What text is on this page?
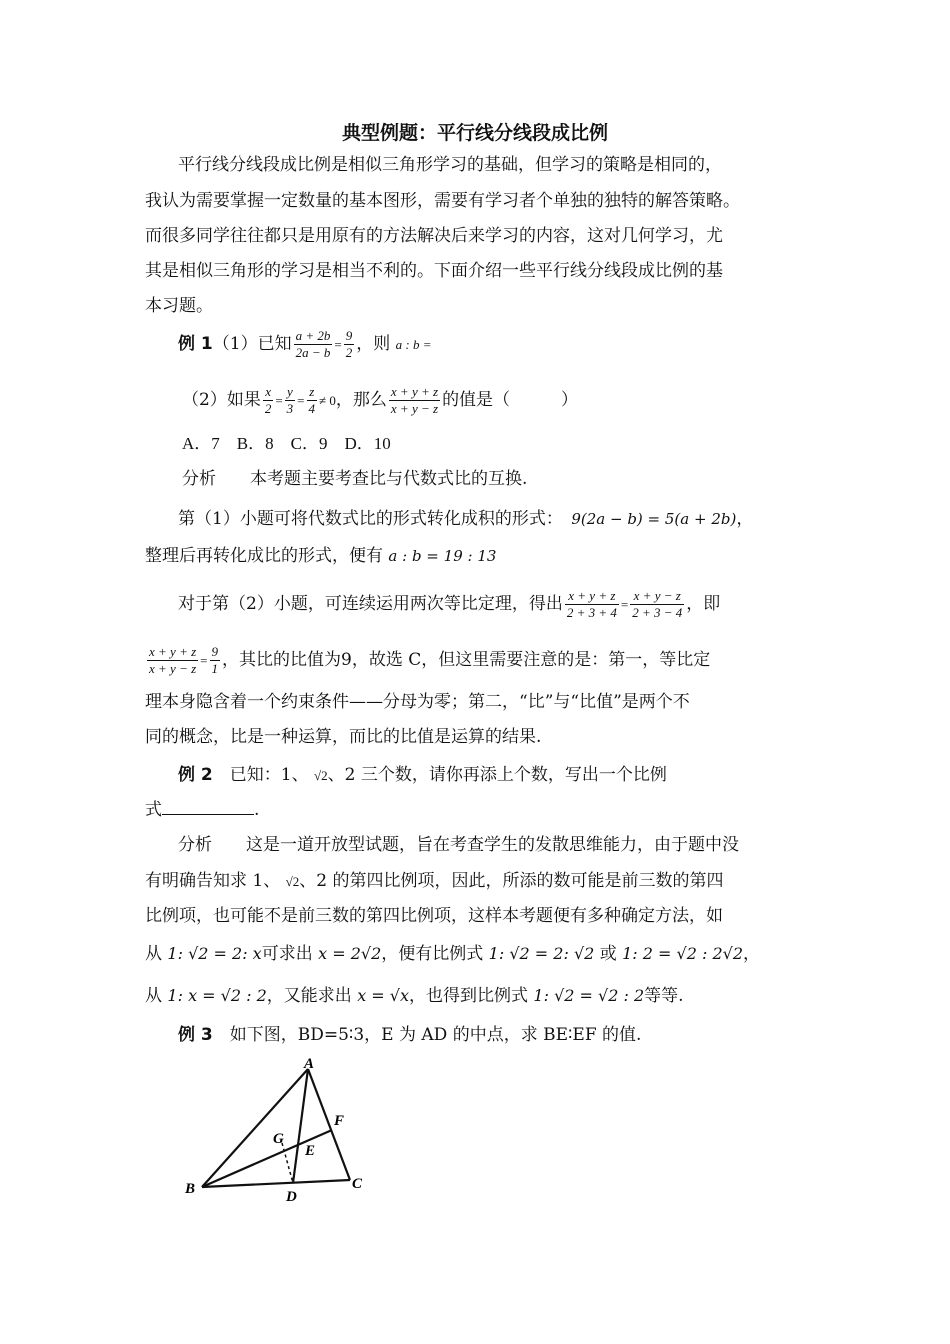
典型例题：平行线分线段成比例
平行线分线段成比例是相似三角形学习的基础，但学习的策略是相同的，
我认为需要掌握一定数量的基本图形，需要有学习者个单独的独特的解答策略。
而很多同学往往都只是用原有的方法解决后来学习的内容，这对几何学习，尤
其是相似三角形的学习是相当不利的。下面介绍一些平行线分线段成比例的基
本习题。
例 1（1）已知 $\frac{a + 2b}{2a - b} = \frac{9}{2}$ ，则 a : b =
（2）如果 $\frac{x}{2} = \frac{y}{3} = \frac{z}{4} \ne 0$，那么 $\frac{x + y + z}{x + y - z}$ 的值是（　　　）
A．7　B．8　C．9　D．10
分析　　本考题主要考查比与代数式比的互换.
第（1）小题可将代数式比的形式转化成积的形式：　 9(2a − b) = 5(a + 2b)，
整理后再转化成比的形式，便有 a : b = 19 : 13
对于第（2）小题，可连续运用两次等比定理，得出 $\frac{x + y + z}{2 + 3 + 4} = \frac{x + y - z}{2 + 3 - 4}$ ，即
$\frac{x + y + z}{x + y - z} = \frac{9}{1}$ ，其比的比值为9，故选 C，但这里需要注意的是：第一，等比定
理本身隐含着一个约束条件——分母为零；第二，“比”与“比值”是两个不
同的概念，比是一种运算，而比的比值是运算的结果.
例 2　 已知：1、 √2、2 三个数，请你再添上个数，写出一个比例
式	.
分析　　这是一道开放型试题，旨在考查学生的发散思维能力，由于题中没
有明确告知求 1、 √2、2 的第四比例项，因此，所添的数可能是前三数的第四
比例项，也可能不是前三数的第四比例项，这样本考题便有多种确定方法，如
从 1: √2 = 2: x可求出 x = 2√2，便有比例式 1: √2 = 2: √2 或 1: 2 = √2 : 2√2，
从 1: x = √2 : 2，又能求出 x = √x，也得到比例式 1: √2 = √2 : 2等等.
例 3　 如下图，BD=5∶3，E 为 AD 的中点，求 BE∶EF 的值.
A
B	C
D
E
F
G
